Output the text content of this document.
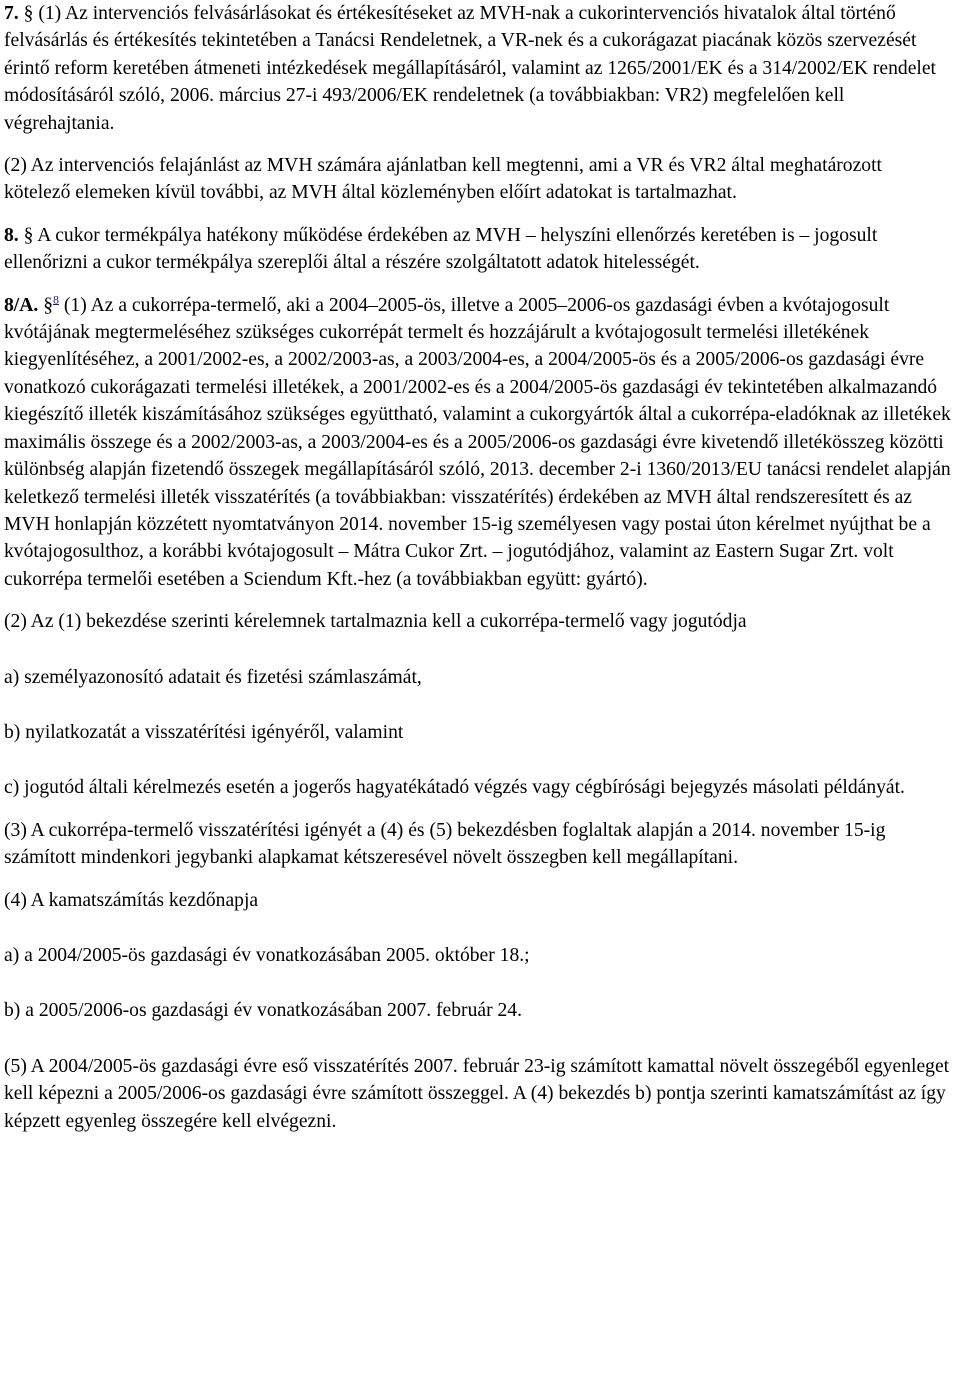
7. § (1) Az intervenciós felvásárlásokat és értékesítéseket az MVH-nak a cukorintervenciós hivatalok által történő felvásárlás és értékesítés tekintetében a Tanácsi Rendeletnek, a VR-nek és a cukorágazat piacának közös szervezését érintő reform keretében átmeneti intézkedések megállapításáról, valamint az 1265/2001/EK és a 314/2002/EK rendelet módosításáról szóló, 2006. március 27-i 493/2006/EK rendeletnek (a továbbiakban: VR2) megfelelően kell végrehajtania.

(2) Az intervenciós felajánlást az MVH számára ajánlatban kell megtenni, ami a VR és VR2 által meghatározott kötelező elemeken kívül további, az MVH által közleményben előírt adatokat is tartalmazhat.

8. § A cukor termékpálya hatékony működése érdekében az MVH – helyszíni ellenőrzés keretében is – jogosult ellenőrizni a cukor termékpálya szereplői által a részére szolgáltatott adatok hitelességét.

8/A. §$^8$ (1) Az a cukorrépa-termelő, aki a 2004–2005-ös, illetve a 2005–2006-os gazdasági évben a kvótajogosult kvótájának megtermeléséhez szükséges cukorrépát termelt és hozzájárult a kvótajogosult termelési illetékének kiegyenlítéséhez, a 2001/2002-es, a 2002/2003-as, a 2003/2004-es, a 2004/2005-ös és a 2005/2006-os gazdasági évre vonatkozó cukorágazati termelési illetékek, a 2001/2002-es és a 2004/2005-ös gazdasági év tekintetében alkalmazandó kiegészítő illeték kiszámításához szükséges együttható, valamint a cukorgyártók által a cukorrépa-eladóknak az illetékek maximális összege és a 2002/2003-as, a 2003/2004-es és a 2005/2006-os gazdasági évre kivetendő illetékösszeg közötti különbség alapján fizetendő összegek megállapításáról szóló, 2013. december 2-i 1360/2013/EU tanácsi rendelet alapján keletkező termelési illeték visszatérítés (a továbbiakban: visszatérítés) érdekében az MVH által rendszeresített és az MVH honlapján közzétett nyomtatványon 2014. november 15-ig személyesen vagy postai úton kérelmet nyújthat be a kvótajogosulthoz, a korábbi kvótajogosult – Mátra Cukor Zrt. – jogutódjához, valamint az Eastern Sugar Zrt. volt cukorrépa termelői esetében a Sciendum Kft.-hez (a továbbiakban együtt: gyártó).

(2) Az (1) bekezdése szerinti kérelemnek tartalmaznia kell a cukorrépa-termelő vagy jogutódja

a) személyazonosító adatait és fizetési számlaszámát,

b) nyilatkozatát a visszatérítési igényéről, valamint

c) jogutód általi kérelmezés esetén a jogerős hagyatékátadó végzés vagy cégbírósági bejegyzés másolati példányát.

(3) A cukorrépa-termelő visszatérítési igényét a (4) és (5) bekezdésben foglaltak alapján a 2014. november 15-ig számított mindenkori jegybanki alapkamat kétszeresével növelt összegben kell megállapítani.

(4) A kamatszámítás kezdőnapja

a) a 2004/2005-ös gazdasági év vonatkozásában 2005. október 18.;

b) a 2005/2006-os gazdasági év vonatkozásában 2007. február 24.

(5) A 2004/2005-ös gazdasági évre eső visszatérítés 2007. február 23-ig számított kamattal növelt összegéből egyenleget kell képezni a 2005/2006-os gazdasági évre számított összeggel. A (4) bekezdés b) pontja szerinti kamatszámítást az így képzett egyenleg összegére kell elvégezni.
